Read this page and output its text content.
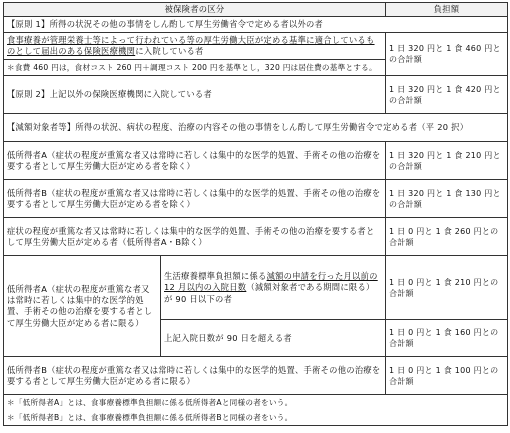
被保険者の区分		負担額
【原則 1】所得の状況その他の事情をしん酌して厚生労働省令で定める者以外の者		
食事療養が管理栄養士等によって行われている等の厚生労働大臣が定める基準に適合しているものとして届出のある保険医療機関に入院している者		1 日 320 円と 1 食 460 円との合計額
＊食費 460 円は，食材コスト 260 円＋調理コスト 200 円を基準とし，320 円は居住費の基準とする。		
【原則 2】上記以外の保険医療機関に入院している者		1 日 320 円と 1 食 420 円との合計額
【減額対象者等】所得の状況、病状の程度、治療の内容その他の事情をしん酌して厚生労働省令で定める者（平 20 択）		
低所得者A（症状の程度が重篤な者又は常時に若しくは集中的な医学的処置、手術その他の治療を要する者として厚生労働大臣が定める者を除く）		1 日 320 円と 1 食 210 円との合計額
低所得者B（症状の程度が重篤な者又は常時に若しくは集中的な医学的処置、手術その他の治療を要する者として厚生労働大臣が定める者を除く）		1 日 320 円と 1 食 130 円との合計額
症状の程度が重篤な者又は常時に若しくは集中的な医学的処置、手術その他の治療を要する者として厚生労働大臣が定める者（低所得者A・B除く）		1 日 0 円と 1 食 260 円との合計額
低所得者A（症状の程度が重篤な者又は常時に若しくは集中的な医学的処置、手術その他の治療を要する者として厚生労働大臣が定める者に限る）	生活療養標準負担額に係る減額の申請を行った月以前の 12 月以内の入院日数（減額対象者である期間に限る）が 90 日以下の者	1 日 0 円と 1 食 210 円との合計額
	上記入院日数が 90 日を超える者	1 日 0 円と 1 食 160 円との合計額
低所得者B（症状の程度が重篤な者又は常時に若しくは集中的な医学的処置、手術その他の治療を要する者として厚生労働大臣が定める者に限る）		1 日 0 円と 1 食 100 円との合計額
＊「低所得者A」とは、食事療養標準負担額に係る低所得者Aと同様の者をいう。		
＊「低所得者B」とは、食事療養標準負担額に係る低所得者Bと同様の者をいう。		
